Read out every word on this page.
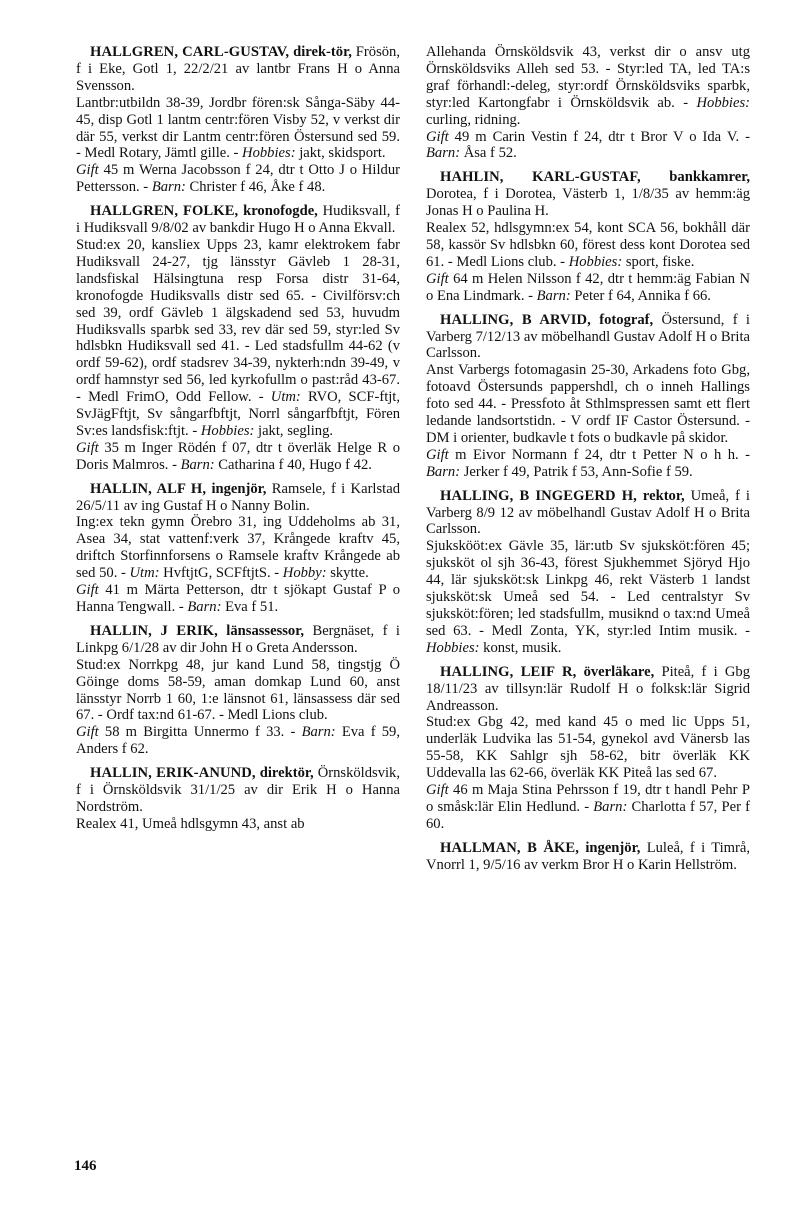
HALLGREN, CARL-GUSTAV, direk-tör, Frösön, f i Eke, Gotl 1, 22/2/21 av lantbr Frans H o Anna Svensson.

Lantbr:utbildn 38-39, Jordbr fören:sk Sånga-Säby 44-45, disp Gotl 1 lantm centr:fören Visby 52, v verkst dir där 55, verkst dir Lantm centr:fören Östersund sed 59. - Medl Rotary, Jämtl gille. - Hobbies: jakt, skidsport.

Gift 45 m Werna Jacobsson f 24, dtr t Otto J o Hildur Pettersson. - Barn: Christer f 46, Åke f 48.

HALLGREN, FOLKE, kronofogde, Hudiksvall, f i Hudiksvall 9/8/02 av bankdir Hugo H o Anna Ekvall.

Stud:ex 20, kansliex Upps 23, kamr elektrokem fabr Hudiksvall 24-27, tjg länsstyr Gävleb 1 28-31, landsfiskal Hälsingtuna resp Forsa distr 31-64, kronofogde Hudiksvalls distr sed 65. - Civilförsv:ch sed 39, ordf Gävleb 1 älgskadend sed 53, huvudm Hudiksvalls sparbk sed 33, rev där sed 59, styr:led Sv hdlsbkn Hudiksvall sed 41. - Led stadsfullm 44-62 (v ordf 59-62), ordf stadsrev 34-39, nykterh:ndn 39-49, v ordf hamnstyr sed 56, led kyrkofullm o past:råd 43-67. - Medl FrimO, Odd Fellow. - Utm: RVO, SCF-ftjt, SvJägFftjt, Sv sångarfbftjt, Norrl sångarfbftjt, Fören Sv:es landsfisk:ftjt. - Hobbies: jakt, segling.

Gift 35 m Inger Rödén f 07, dtr t överläk Helge R o Doris Malmros. - Barn: Catharina f 40, Hugo f 42.

HALLIN, ALF H, ingenjör, Ramsele, f i Karlstad 26/5/11 av ing Gustaf H o Nanny Bolin.

Ing:ex tekn gymn Örebro 31, ing Uddeholms ab 31, Asea 34, stat vattenf:verk 37, Krångede kraftv 45, driftch Storfinnforsens o Ramsele kraftv Krångede ab sed 50. - Utm: HvftjtG, SCFftjtS. - Hobby: skytte.

Gift 41 m Märta Petterson, dtr t sjökapt Gustaf P o Hanna Tengwall. - Barn: Eva f 51.

HALLIN, J ERIK, länsassessor, Bergnäset, f i Linkpg 6/1/28 av dir John H o Greta Andersson.

Stud:ex Norrkpg 48, jur kand Lund 58, tingstjg Ö Göinge doms 58-59, aman domkap Lund 60, anst länsstyr Norrb 1 60, 1:e länsnot 61, länsassess där sed 67. - Ordf tax:nd 61-67. - Medl Lions club.

Gift 58 m Birgitta Unnermo f 33. - Barn: Eva f 59, Anders f 62.

HALLIN, ERIK-ANUND, direktör, Örnsköldsvik, f i Örnsköldsvik 31/1/25 av dir Erik H o Hanna Nordström.

Realex 41, Umeå hdlsgymn 43, anst ab

Allehanda Örnsköldsvik 43, verkst dir o ansv utg Örnsköldsviks Alleh sed 53. - Styr:led TA, led TA:s graf förhandl:-deleg, styr:ordf Örnsköldsviks sparbk, styr:led Kartongfabr i Örnsköldsvik ab. - Hobbies: curling, ridning.

Gift 49 m Carin Vestin f 24, dtr t Bror V o Ida V. - Barn: Åsa f 52.

HAHLIN, KARL-GUSTAF, bankkamrer, Dorotea, f i Dorotea, Västerb 1, 1/8/35 av hemm:äg Jonas H o Paulina H.

Realex 52, hdlsgymn:ex 54, kont SCA 56, bokhåll där 58, kassör Sv hdlsbkn 60, förest dess kont Dorotea sed 61. - Medl Lions club. - Hobbies: sport, fiske.

Gift 64 m Helen Nilsson f 42, dtr t hemm:äg Fabian N o Ena Lindmark. - Barn: Peter f 64, Annika f 66.

HALLING, B ARVID, fotograf, Östersund, f i Varberg 7/12/13 av möbelhandl Gustav Adolf H o Brita Carlsson.

Anst Varbergs fotomagasin 25-30, Arkadens foto Gbg, fotoavd Östersunds pappershdl, ch o inneh Hallings foto sed 44. - Pressfoto åt Sthlmspressen samt ett flert ledande landsortstidn. - V ordf IF Castor Östersund. - DM i orienter, budkavle t fots o budkavle på skidor.

Gift m Eivor Normann f 24, dtr t Petter N o h h. - Barn: Jerker f 49, Patrik f 53, Ann-Sofie f 59.

HALLING, B INGEGERD H, rektor, Umeå, f i Varberg 8/9 12 av möbelhandl Gustav Adolf H o Brita Carlsson.

Sjukskööt:ex Gävle 35, lär:utb Sv sjuksköt:fören 45; sjuksköt ol sjh 36-43, förest Sjukhemmet Sjöryd Hjo 44, lär sjuksköt:sk Linkpg 46, rekt Västerb 1 landst sjuksköt:sk Umeå sed 54. - Led centralstyr Sv sjuksköt:fören; led stadsfullm, musiknd o tax:nd Umeå sed 63. - Medl Zonta, YK, styr:led Intim musik. - Hobbies: konst, musik.

HALLING, LEIF R, överläkare, Piteå, f i Gbg 18/11/23 av tillsyn:lär Rudolf H o folksk:lär Sigrid Andreasson.

Stud:ex Gbg 42, med kand 45 o med lic Upps 51, underläk Ludvika las 51-54, gynekol avd Vänersb las 55-58, KK Sahlgr sjh 58-62, bitr överläk KK Uddevalla las 62-66, överläk KK Piteå las sed 67.

Gift 46 m Maja Stina Pehrsson f 19, dtr t handl Pehr P o småsk:lär Elin Hedlund. - Barn: Charlotta f 57, Per f 60.

HALLMAN, B ÅKE, ingenjör, Luleå, f i Timrå, Vnorrl 1, 9/5/16 av verkm Bror H o Karin Hellström.

146
